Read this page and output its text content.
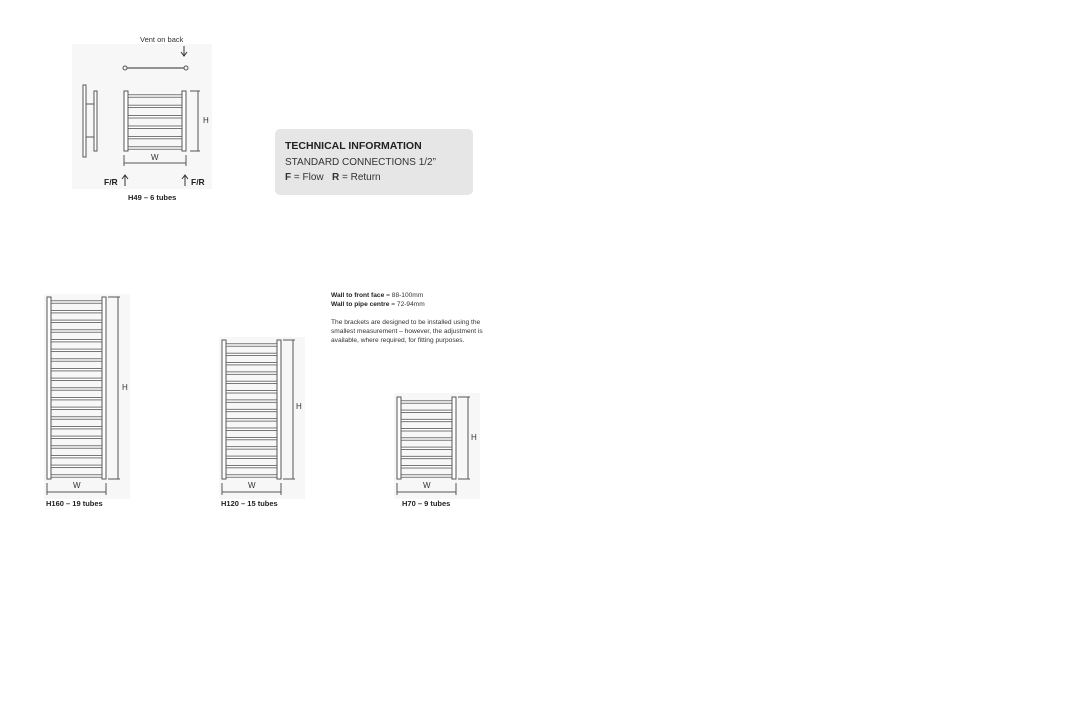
Vent on back
H
W
F/R	F/R
H49 – 6 tubes
TECHNICAL INFORMATION
STANDARD CONNECTIONS 1/2”
F = Flow R = Return
Wall to front face = 88-100mm
Wall to pipe centre = 72-94mm
The brackets are designed to be installed using the smallest measurement – however, the adjustment is available, where required, for fitting purposes.
H
W
H160 – 19 tubes
H
W
H120 – 15 tubes
H
W
H70 – 9 tubes
